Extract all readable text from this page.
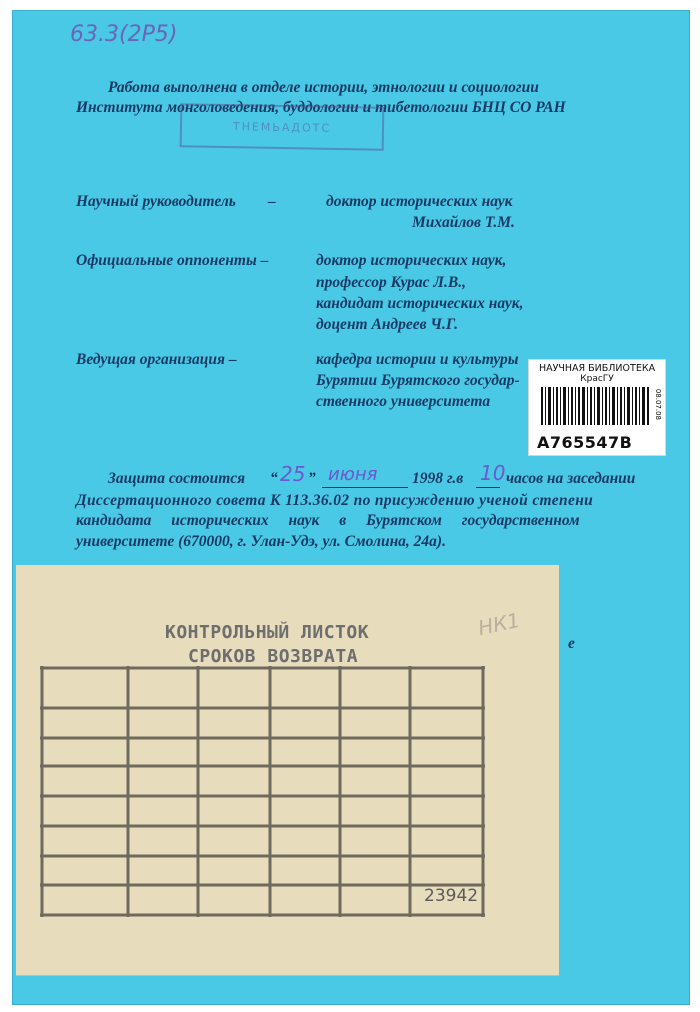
63.3(2Р5)
Работа выполнена в отделе истории, этнологии и социологии
Института монголоведения, буддологии и тибетологии БНЦ СО РАН
ТНЕМЬАДОТС
Научный руководитель –	доктор исторических наук
Михайлов Т.М.
Официальные оппоненты –	доктор исторических наук,
профессор Курас Л.В.,
кандидат исторических наук,
доцент Андреев Ч.Г.
Ведущая организация –	кафедра истории и культуры
Бурятии Бурятского государ-
ственного университета
НАУЧНАЯ БИБЛИОТЕКА
КрасГУ
A765547B
08.07.08
Защита состоится “ 25 ” июня 1998 г.в 10 часов на заседании
Диссертационного совета К 113.36.02 по присуждению ученой степени
кандидата исторических наук в Бурятском государственном
университете (670000, г. Улан-Удэ, ул. Смолина, 24а).
е
КОНТРОЛЬНЫЙ ЛИСТОК
СРОКОВ ВОЗВРАТА
НК1
23942
